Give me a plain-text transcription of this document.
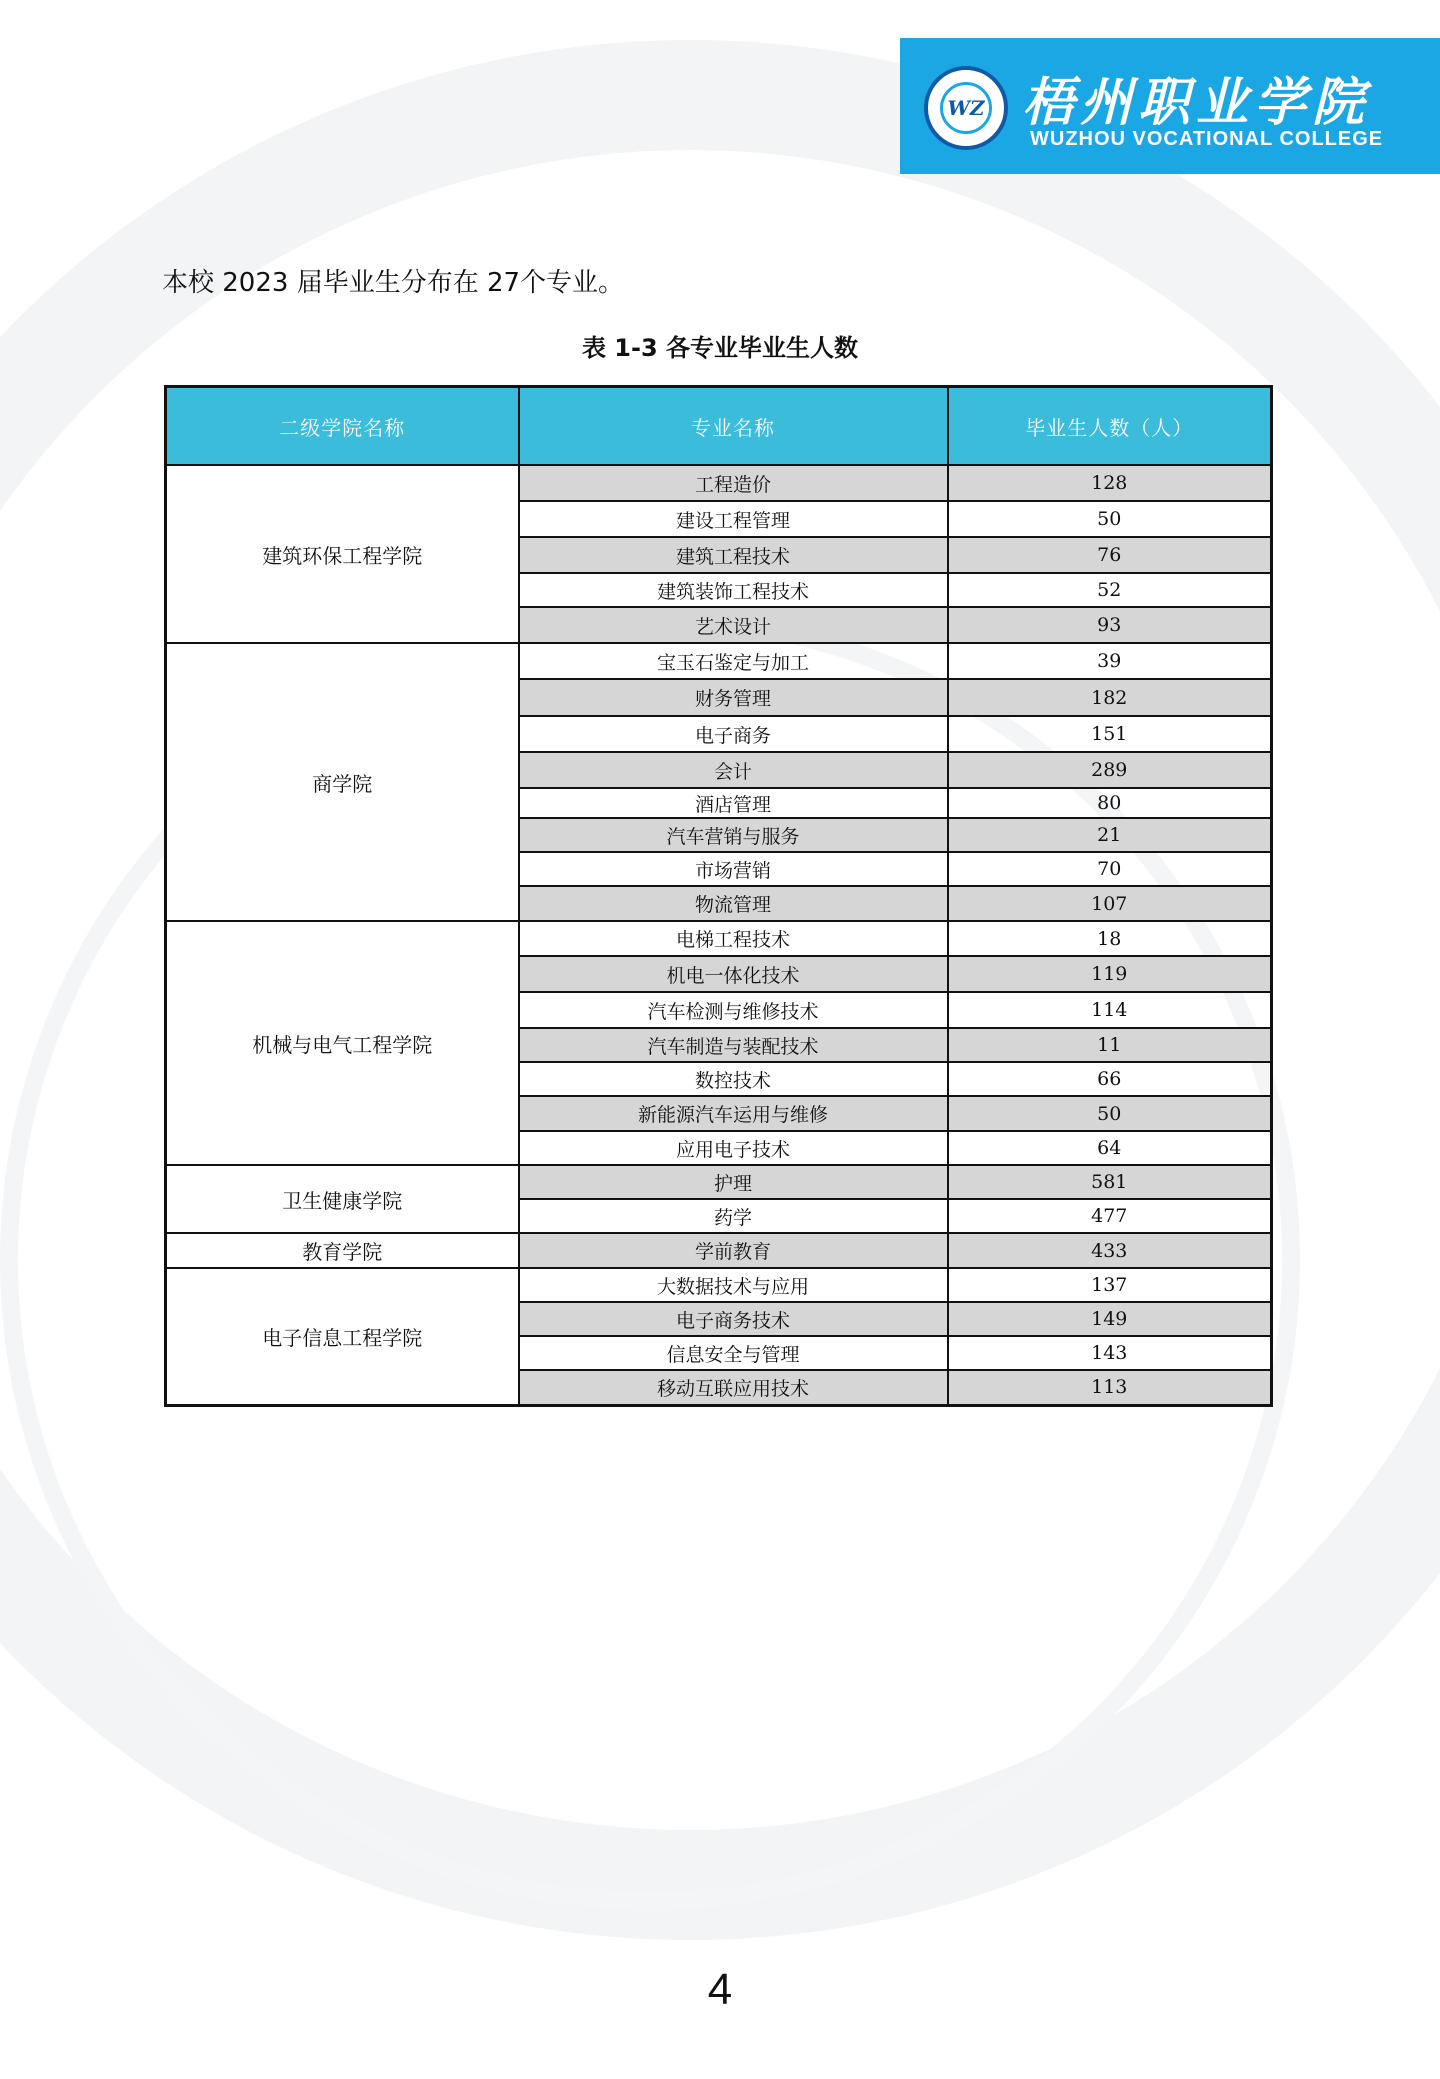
WZ 梧州职业学院
WUZHOU VOCATIONAL COLLEGE
本校 2023 届毕业生分布在 27个专业。
表 1-3 各专业毕业生人数
二级学院名称	专业名称	毕业生人数（人）
建筑环保工程学院	工程造价	128
	建设工程管理	50
	建筑工程技术	76
	建筑装饰工程技术	52
	艺术设计	93
商学院	宝玉石鉴定与加工	39
	财务管理	182
	电子商务	151
	会计	289
	酒店管理	80
	汽车营销与服务	21
	市场营销	70
	物流管理	107
机械与电气工程学院	电梯工程技术	18
	机电一体化技术	119
	汽车检测与维修技术	114
	汽车制造与装配技术	11
	数控技术	66
	新能源汽车运用与维修	50
	应用电子技术	64
卫生健康学院	护理	581
	药学	477
教育学院	学前教育	433
电子信息工程学院	大数据技术与应用	137
	电子商务技术	149
	信息安全与管理	143
	移动互联应用技术	113
4
